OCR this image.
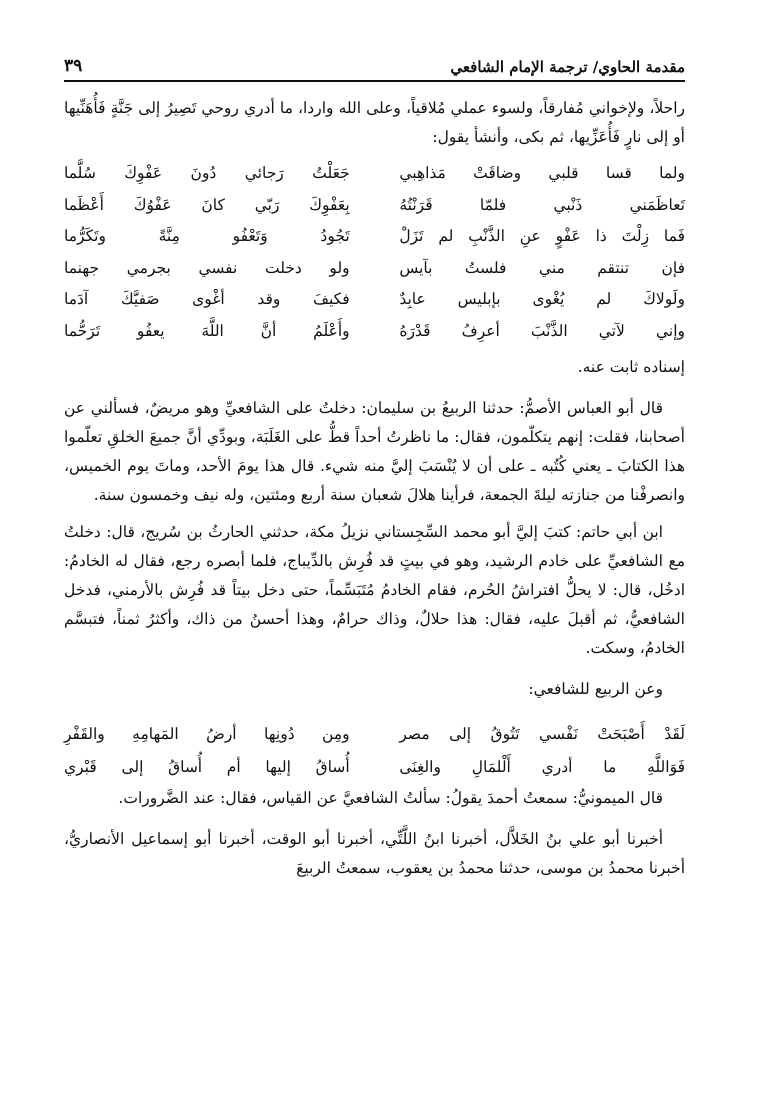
مقدمة الحاوي/ ترجمة الإمام الشافعي
٣٩

راحلاً، ولإخواني مُفارقاً، ولسوء عملي مُلاقياً، وعلى الله واردا، ما أدري روحي تَصِيرُ إلى جَنَّةٍ فَأُهَنِّيها أو إلى نارٍ فَأُعَزِّيها، ثم بكى، وأنشأ يقول:

ولما قسا قلبي وضاقَتْ مَذاهِبي
جَعَلْتُ رَجائي دُونَ عَفْوِكَ سُلَّما
تَعاظَمَني ذَنْبي فلمّا قَرَنْتُهُ
بِعَفْوِكَ رَبّي كانَ عَفْوُكَ أَعْظَما
فَما زِلْتَ ذا عَفْوٍ عنِ الذَّنْبِ لم تَزَلْ
تَجُودُ وَتَعْفُو مِنَّةً وتَكَرُّما
فإن تنتقم مني فلستُ بآيس
ولو دخلت نفسي بجرمي جهنما
ولَولاكَ لم يُغْوى بإبليس عابِدٌ
فكيفَ وقد أغْوى صَفيَّكَ آدَما
وإني لآتي الذَّنْبَ أعرِفُ قَدْرَهُ
وأَعْلَمُ أنَّ اللَّهَ يعفُو تَرَحُّما

إسناده ثابت عنه.

قال أبو العباس الأصمُّ: حدثنا الربيعُ بن سليمان: دخلتُ على الشافعيِّ وهو مريضٌ، فسألني عن أصحابنا، فقلت: إنهم يتكلّمون، فقال: ما ناظرتُ أحداً قطُّ على الغَلَبَة، وبودِّي أنَّ جميعَ الخلقِ تعلّموا هذا الكتابَ ـ يعني كُتُبه ـ على أن لا يُنْسَبَ إليَّ منه شيء. قال هذا يومَ الأحد، وماتَ يوم الخميس، وانصرفْنا من جنازته ليلةَ الجمعة، فرأينا هلالَ شعبان سنة أربع ومئتين، وله نيف وخمسون سنة.

ابن أبي حاتم: كتبَ إليَّ أبو محمد السِّجِستاني نزيلُ مكة، حدثني الحارثُ بن سُريج، قال: دخلتُ مع الشافعيِّ على خادم الرشيد، وهو في بيتٍ قد فُرِش بالدِّيباج، فلما أبصره رجع، فقال له الخادمُ: ادخُل، قال: لا يحلُّ افتراشُ الحُرم، فقام الخادمُ مُتَبَسِّماً، حتى دخل بيتاً قد فُرِش بالأرمني، فدخل الشافعيُّ، ثم أقبلَ عليه، فقال: هذا حلالٌ، وذاك حرامٌ، وهذا أحسنُ من ذاك، وأكثرُ ثمناً، فتبسَّم الخادمُ، وسكت.

وعن الربيع للشافعي:

لَقَدْ أَصْبَحَتْ نَفْسي تَتُوقُ إلى مصر
ومِن دُونِها أرضُ المَهامِهِ والقَفْرِ
فَوَاللَّهِ ما أدري أَلْلمَالِ والغِنَى
أُساقُ إليها أم أُساقُ إلى قَبْري

قال الميمونيُّ: سمعتُ أحمدَ يقولُ: سألتُ الشافعيَّ عن القياس، فقال: عند الضَّرورات.

أخبرنا أبو علي بنُ الخَلاَّل، أخبرنا ابنُ اللَّتِّي، أخبرنا أبو الوقت، أخبرنا أبو إسماعيل الأنصاريُّ، أخبرنا محمدُ بن موسى، حدثنا محمدُ بن يعقوب، سمعتُ الربيعَ
